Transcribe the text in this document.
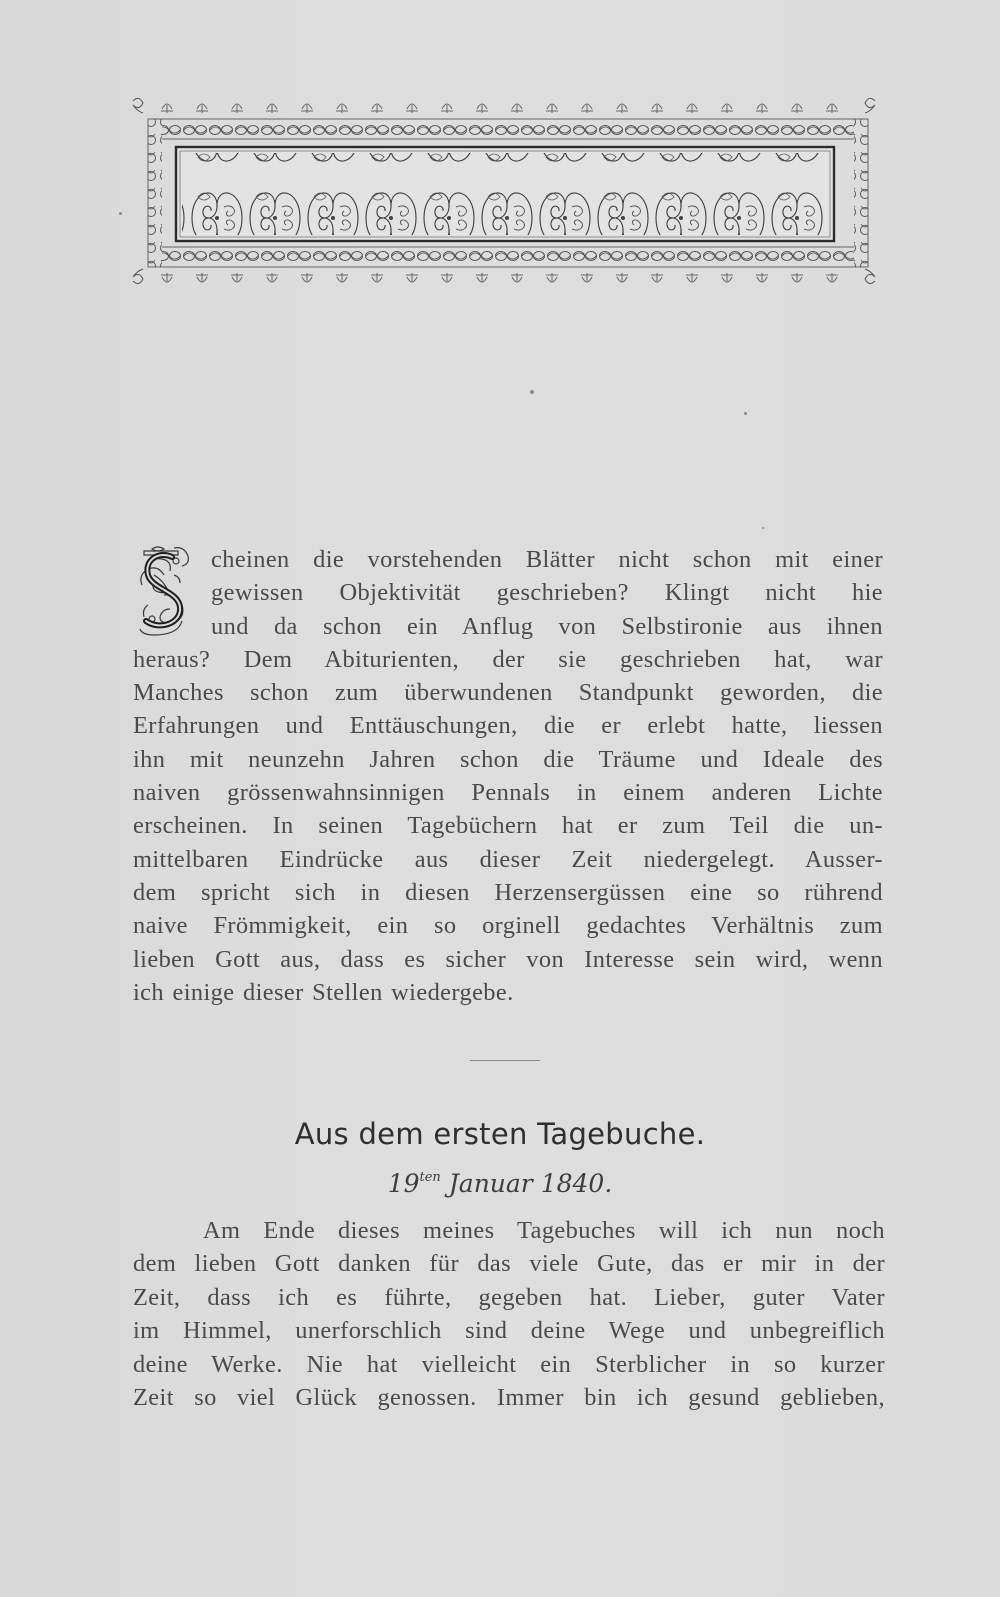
cheinen die vorstehenden Blätter nicht schon mit einer
gewissen Objektivität geschrieben? Klingt nicht hie
und da schon ein Anflug von Selbstironie aus ihnen
heraus? Dem Abiturienten, der sie geschrieben hat, war
Manches schon zum überwundenen Standpunkt geworden, die
Erfahrungen und Enttäuschungen, die er erlebt hatte, liessen
ihn mit neunzehn Jahren schon die Träume und Ideale des
naiven grössenwahnsinnigen Pennals in einem anderen Lichte
erscheinen. In seinen Tagebüchern hat er zum Teil die un-
mittelbaren Eindrücke aus dieser Zeit niedergelegt. Ausser-
dem spricht sich in diesen Herzensergüssen eine so rührend
naive Frömmigkeit, ein so orginell gedachtes Verhältnis zum
lieben Gott aus, dass es sicher von Interesse sein wird, wenn
ich einige dieser Stellen wiedergebe.
Aus dem ersten Tagebuche.
$19^{ten}$ Januar 1840.
Am Ende dieses meines Tagebuches will ich nun noch
dem lieben Gott danken für das viele Gute, das er mir in der
Zeit, dass ich es führte, gegeben hat. Lieber, guter Vater
im Himmel, unerforschlich sind deine Wege und unbegreiflich
deine Werke. Nie hat vielleicht ein Sterblicher in so kurzer
Zeit so viel Glück genossen. Immer bin ich gesund geblieben,
